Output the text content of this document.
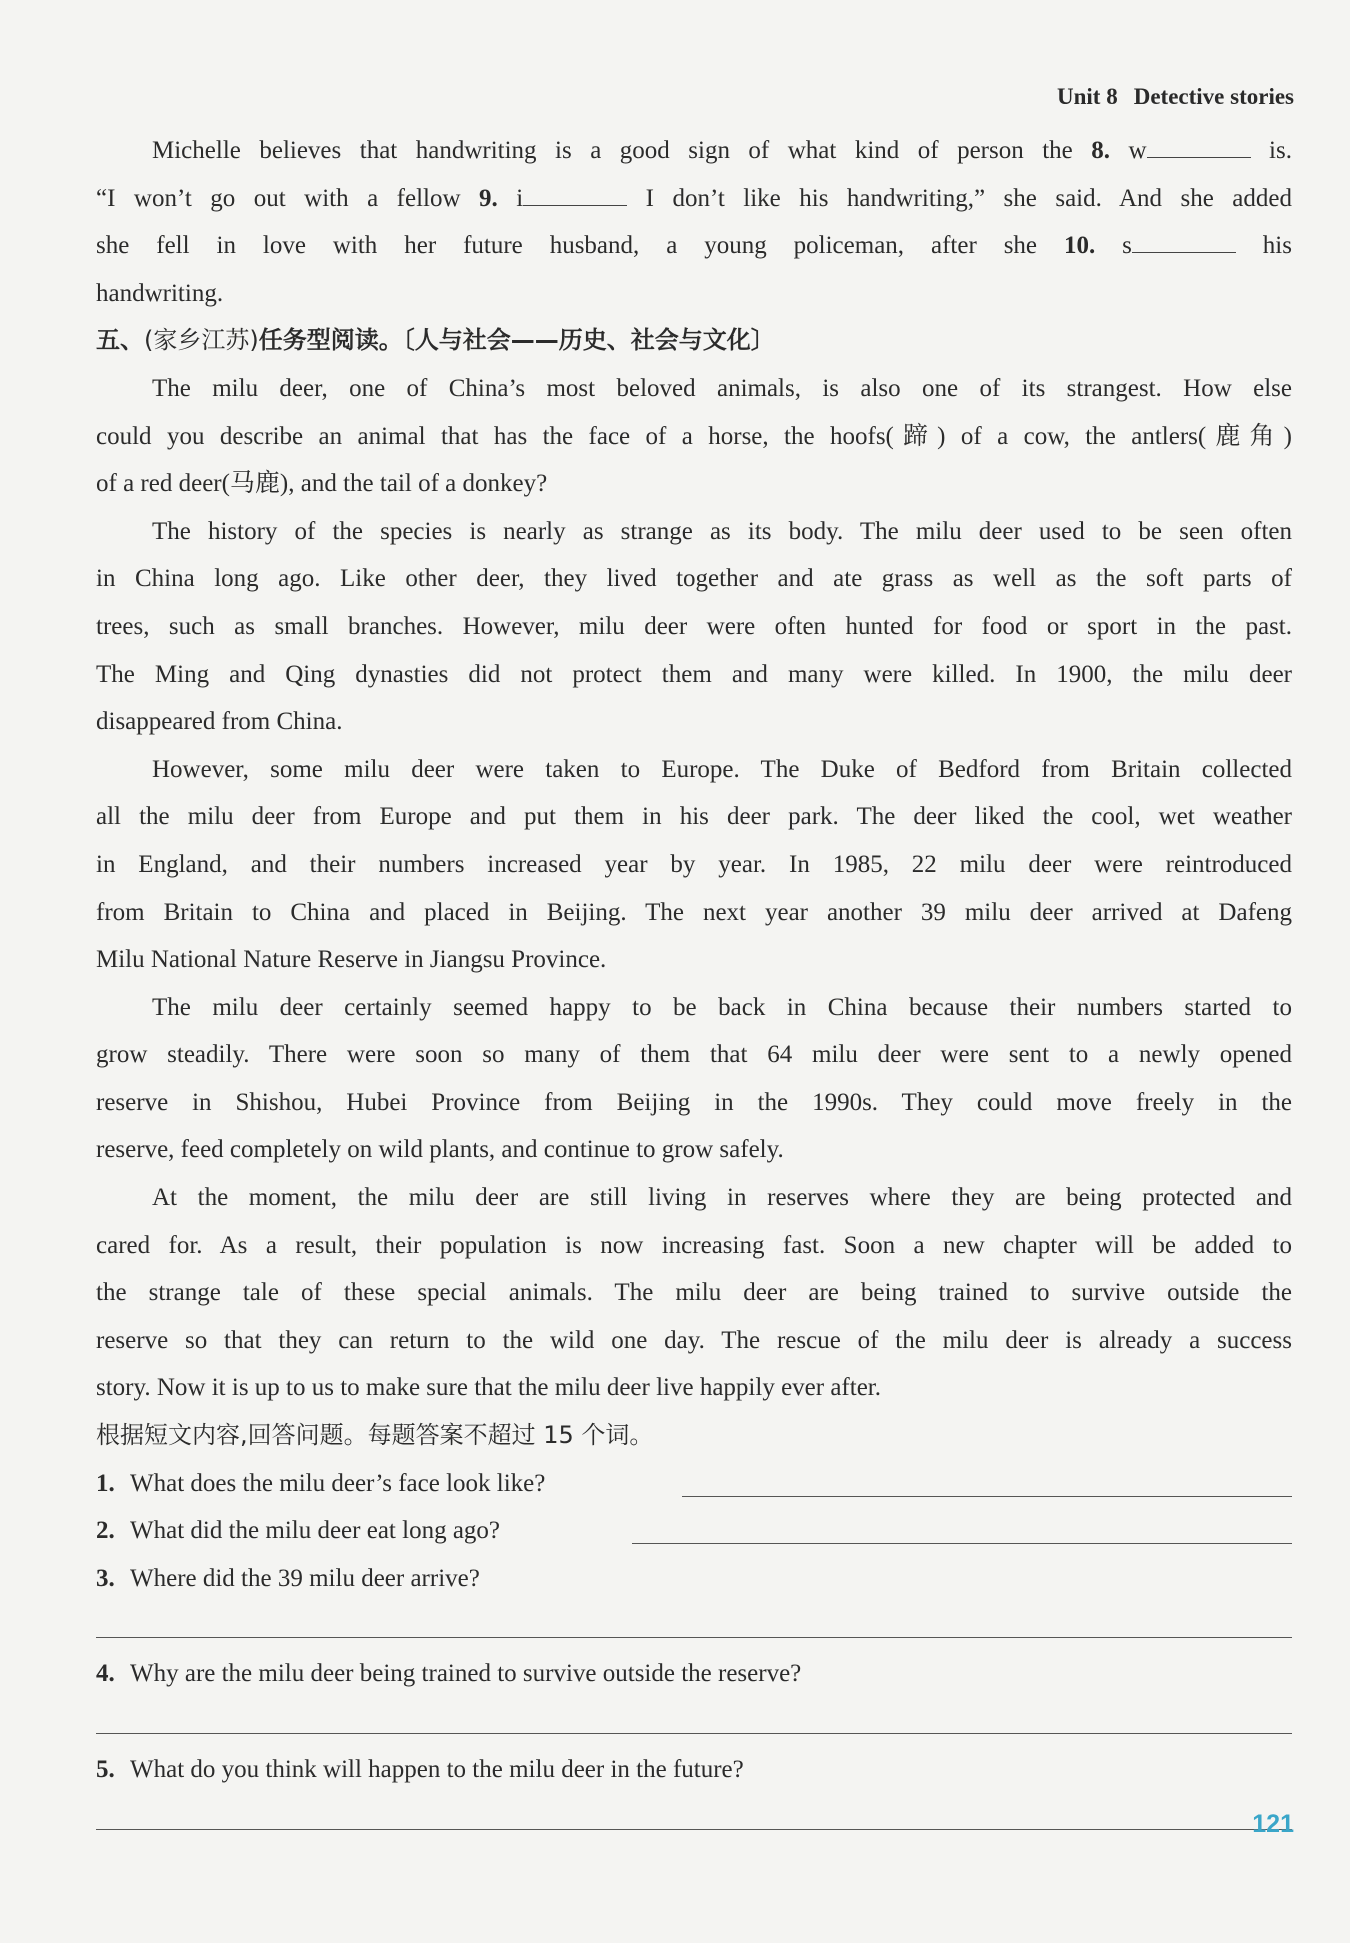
Unit 8 Detective stories

Michelle believes that handwriting is a good sign of what kind of person the 8. w	is.

“I won’t go out with a fellow 9. i	I don’t like his handwriting,” she said. And she added

she fell in love with her future husband, a young policeman, after she 10. s	his

handwriting.

五、(家乡江苏)任务型阅读。〔人与社会——历史、社会与文化〕

The milu deer, one of China’s most beloved animals, is also one of its strangest. How else

could you describe an animal that has the face of a horse, the hoofs(蹄) of a cow, the antlers(鹿角)

of a red deer(马鹿), and the tail of a donkey?

The history of the species is nearly as strange as its body. The milu deer used to be seen often

in China long ago. Like other deer, they lived together and ate grass as well as the soft parts of

trees, such as small branches. However, milu deer were often hunted for food or sport in the past.

The Ming and Qing dynasties did not protect them and many were killed. In 1900, the milu deer

disappeared from China.

However, some milu deer were taken to Europe. The Duke of Bedford from Britain collected

all the milu deer from Europe and put them in his deer park. The deer liked the cool, wet weather

in England, and their numbers increased year by year. In 1985, 22 milu deer were reintroduced

from Britain to China and placed in Beijing. The next year another 39 milu deer arrived at Dafeng

Milu National Nature Reserve in Jiangsu Province.

The milu deer certainly seemed happy to be back in China because their numbers started to

grow steadily. There were soon so many of them that 64 milu deer were sent to a newly opened

reserve in Shishou, Hubei Province from Beijing in the 1990s. They could move freely in the

reserve, feed completely on wild plants, and continue to grow safely.

At the moment, the milu deer are still living in reserves where they are being protected and

cared for. As a result, their population is now increasing fast. Soon a new chapter will be added to

the strange tale of these special animals. The milu deer are being trained to survive outside the

reserve so that they can return to the wild one day. The rescue of the milu deer is already a success

story. Now it is up to us to make sure that the milu deer live happily ever after.

根据短文内容,回答问题。每题答案不超过 15 个词。

1. What does the milu deer’s face look like?
2. What did the milu deer eat long ago?
3. Where did the 39 milu deer arrive?
4. Why are the milu deer being trained to survive outside the reserve?
5. What do you think will happen to the milu deer in the future?
121
